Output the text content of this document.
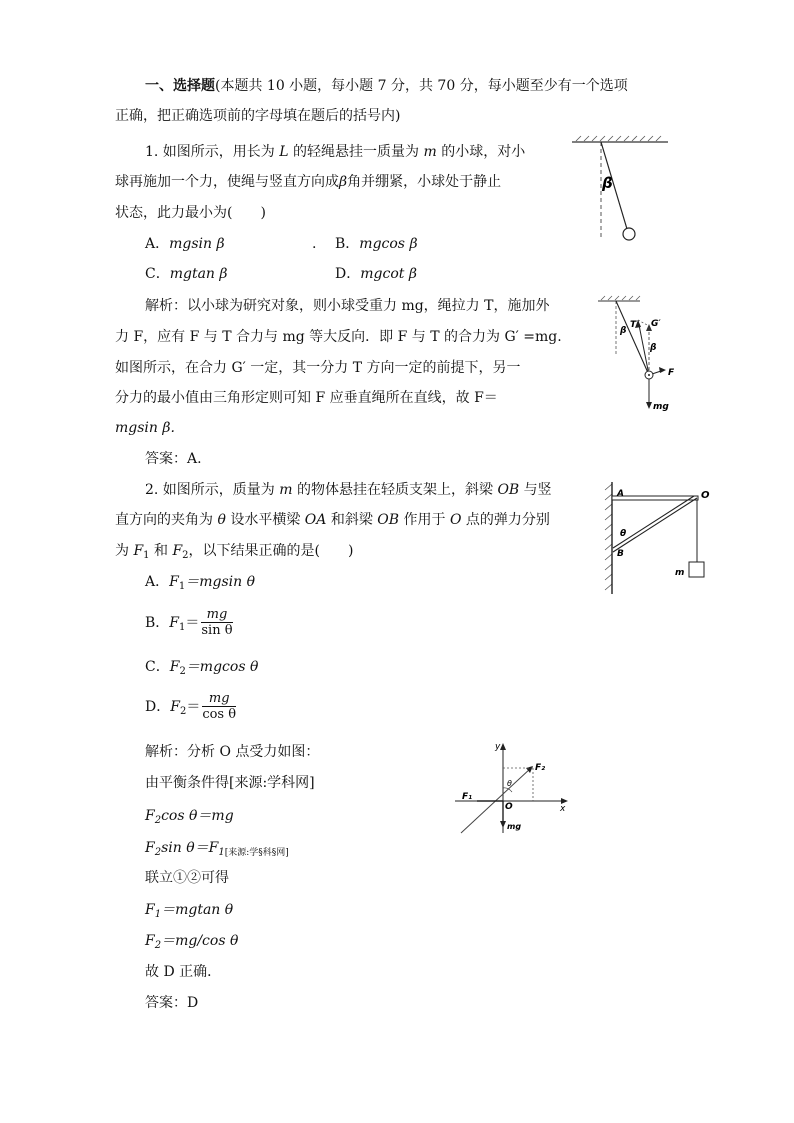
一、选择题(本题共 10 小题，每小题 7 分，共 70 分，每小题至少有一个选项
正确，把正确选项前的字母填在题后的括号内)
1. 如图所示，用长为 L 的轻绳悬挂一质量为 m 的小球，对小
球再施加一个力，使绳与竖直方向成β角并绷紧，小球处于静止
状态，此力最小为(　　)
A．mgsin β	. B．mgcos β
C．mgtan β	D．mgcot β
解析：以小球为研究对象，则小球受重力 mg，绳拉力 T，施加外
力 F，应有 F 与 T 合力与 mg 等大反向．即 F 与 T 的合力为 G′ =mg.
如图所示，在合力 G′ 一定，其一分力 T 方向一定的前提下，另一
分力的最小值由三角形定则可知 F 应垂直绳所在直线，故 F＝
mgsin β.
答案：A.
β
T G′
β
β
F
mg
2. 如图所示，质量为 m 的物体悬挂在轻质支架上，斜梁 OB 与竖
直方向的夹角为 θ 设水平横梁 OA 和斜梁 OB 作用于 O 点的弹力分别
为 $F_1$ 和 $F_2$，以下结果正确的是(　　)
A．$F_1=mgsin$ θ
B．$F_1= \frac{mg}{\text{sin θ}}$
C．$F_2=mgcos$ θ
D．$F_2= \frac{mg}{\text{cos θ}}$
解析：分析 O 点受力如图：
由平衡条件得[来源:学科网]
$F_2\cos$ θ＝mg
$F_2\sin$ $\theta=F_{1[来源:学\S 科\S 网]}$
联立①②可得
$F_1=mgtan$ θ
$F_2=mg/\cos$ θ
故 D 正确．
答案：D
A	O
θ
B
m
y
F₂
θ
F₁
O	x
mg
